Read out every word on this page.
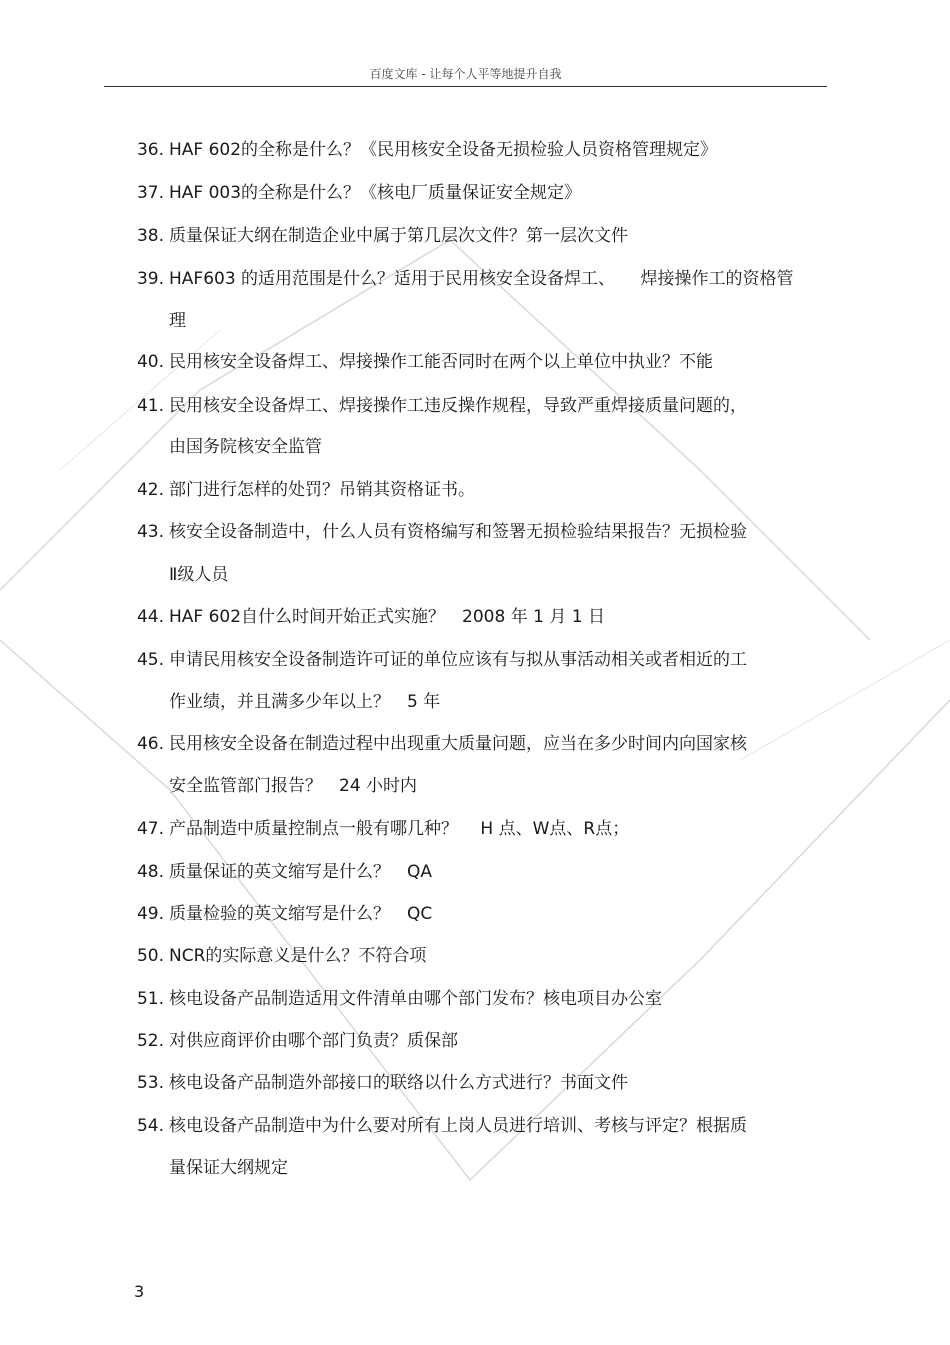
百度文库 - 让每个人平等地提升自我
36. HAF 602的全称是什么？《民用核安全设备无损检验人员资格管理规定》
37. HAF 003的全称是什么？《核电厂质量保证安全规定》
38. 质量保证大纲在制造企业中属于第几层次文件？第一层次文件
39. HAF603 的适用范围是什么？适用于民用核安全设备焊工、　　焊接操作工的资格管
理
40. 民用核安全设备焊工、焊接操作工能否同时在两个以上单位中执业？不能
41. 民用核安全设备焊工、焊接操作工违反操作规程，导致严重焊接质量问题的，
由国务院核安全监管
42. 部门进行怎样的处罚？吊销其资格证书。
43. 核安全设备制造中，什么人员有资格编写和签署无损检验结果报告？无损检验
Ⅱ级人员
44. HAF 602自什么时间开始正式实施？　2008 年 1 月 1 日
45. 申请民用核安全设备制造许可证的单位应该有与拟从事活动相关或者相近的工
作业绩，并且满多少年以上？　5 年
46. 民用核安全设备在制造过程中出现重大质量问题，应当在多少时间内向国家核
安全监管部门报告？　24 小时内
47. 产品制造中质量控制点一般有哪几种？　 H 点、W点、R点；
48. 质量保证的英文缩写是什么？　QA
49. 质量检验的英文缩写是什么？　QC
50. NCR的实际意义是什么？不符合项
51. 核电设备产品制造适用文件清单由哪个部门发布？核电项目办公室
52. 对供应商评价由哪个部门负责？质保部
53. 核电设备产品制造外部接口的联络以什么方式进行？书面文件
54. 核电设备产品制造中为什么要对所有上岗人员进行培训、考核与评定？根据质
量保证大纲规定
3
